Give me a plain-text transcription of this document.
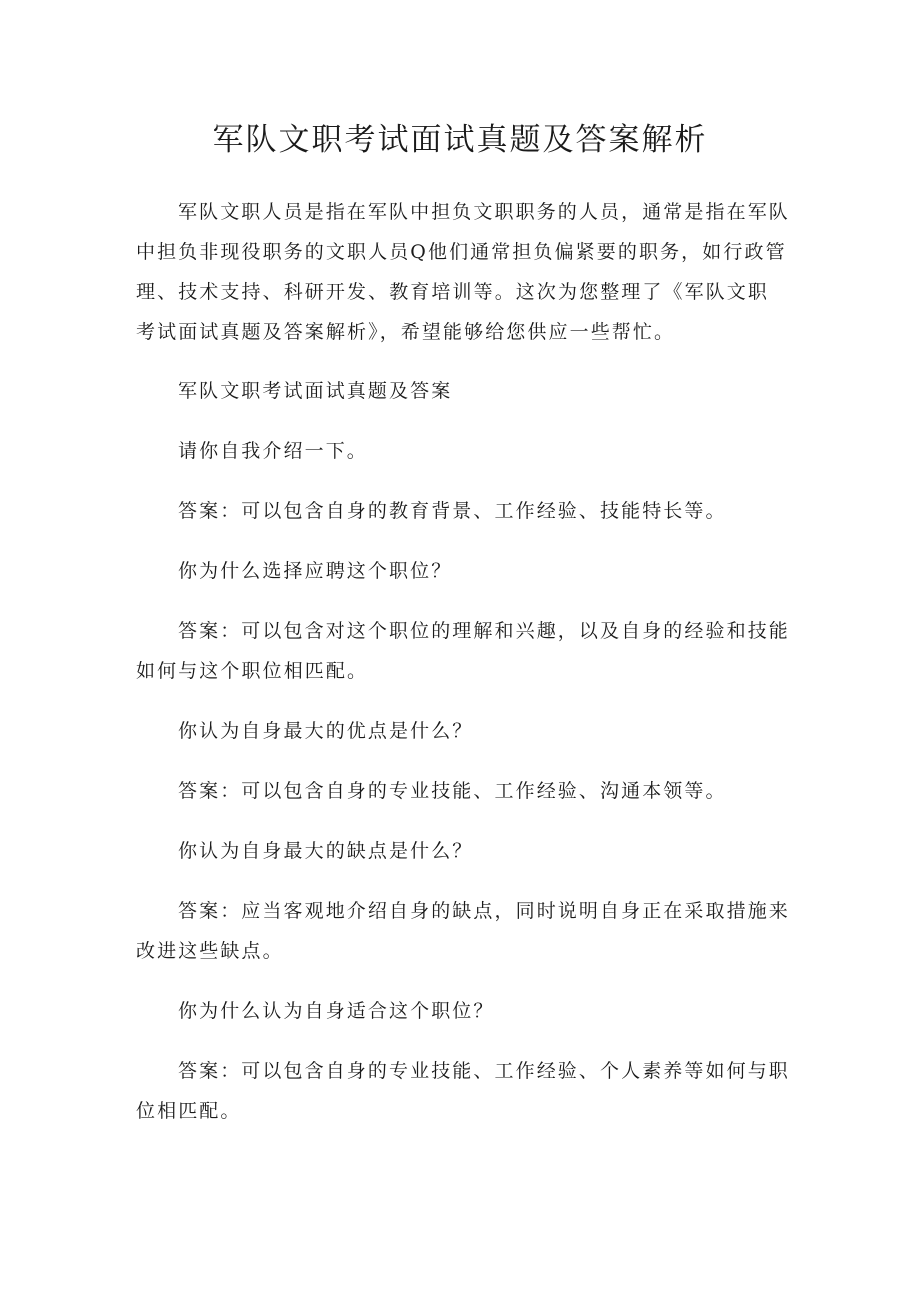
军队文职考试面试真题及答案解析

军队文职人员是指在军队中担负文职职务的人员，通常是指在军队中担负非现役职务的文职人员Q他们通常担负偏紧要的职务，如行政管理、技术支持、科研开发、教育培训等。这次为您整理了《军队文职考试面试真题及答案解析》，希望能够给您供应一些帮忙。

军队文职考试面试真题及答案

请你自我介绍一下。

答案：可以包含自身的教育背景、工作经验、技能特长等。

你为什么选择应聘这个职位？

答案：可以包含对这个职位的理解和兴趣，以及自身的经验和技能如何与这个职位相匹配。

你认为自身最大的优点是什么？

答案：可以包含自身的专业技能、工作经验、沟通本领等。

你认为自身最大的缺点是什么？

答案：应当客观地介绍自身的缺点，同时说明自身正在采取措施来改进这些缺点。

你为什么认为自身适合这个职位？

答案：可以包含自身的专业技能、工作经验、个人素养等如何与职位相匹配。
